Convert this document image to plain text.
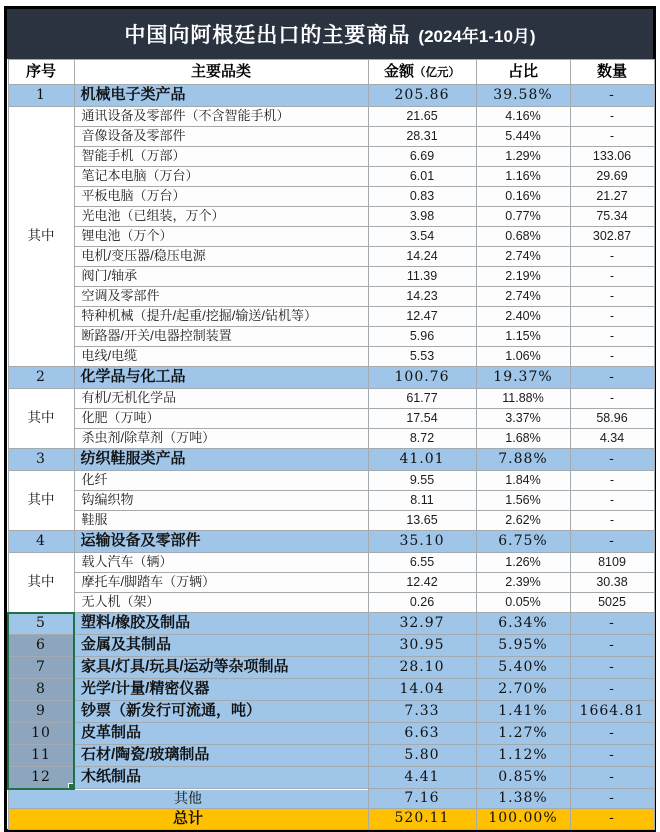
中国向阿根廷出口的主要商品 (2024年1-10月)
序号	主要品类	金额（亿元）	占比	数量
1	机械电子类产品	205.86	39.58%	-
其中	通讯设备及零部件（不含智能手机）	21.65	4.16%	-
	音像设备及零部件	28.31	5.44%	-
	智能手机（万部）	6.69	1.29%	133.06
	笔记本电脑（万台）	6.01	1.16%	29.69
	平板电脑（万台）	0.83	0.16%	21.27
	光电池（已组装，万个）	3.98	0.77%	75.34
	锂电池（万个）	3.54	0.68%	302.87
	电机/变压器/稳压电源	14.24	2.74%	-
	阀门/轴承	11.39	2.19%	-
	空调及零部件	14.23	2.74%	-
	特种机械（提升/起重/挖掘/输送/钻机等）	12.47	2.40%	-
	断路器/开关/电器控制装置	5.96	1.15%	-
	电线/电缆	5.53	1.06%	-
2	化学品与化工品	100.76	19.37%	-
其中	有机/无机化学品	61.77	11.88%	-
	化肥（万吨）	17.54	3.37%	58.96
	杀虫剂/除草剂（万吨）	8.72	1.68%	4.34
3	纺织鞋服类产品	41.01	7.88%	-
其中	化纤	9.55	1.84%	-
	钩编织物	8.11	1.56%	-
	鞋服	13.65	2.62%	-
4	运输设备及零部件	35.10	6.75%	-
其中	载人汽车（辆）	6.55	1.26%	8109
	摩托车/脚踏车（万辆）	12.42	2.39%	30.38
	无人机（架）	0.26	0.05%	5025
5	塑料/橡胶及制品	32.97	6.34%	-
6	金属及其制品	30.95	5.95%	-
7	家具/灯具/玩具/运动等杂项制品	28.10	5.40%	-
8	光学/计量/精密仪器	14.04	2.70%	-
9	钞票（新发行可流通，吨）	7.33	1.41%	1664.81
10	皮革制品	6.63	1.27%	-
11	石材/陶瓷/玻璃制品	5.80	1.12%	-
12	木纸制品	4.41	0.85%	-
其他		7.16	1.38%	-
总计		520.11	100.00%	-
